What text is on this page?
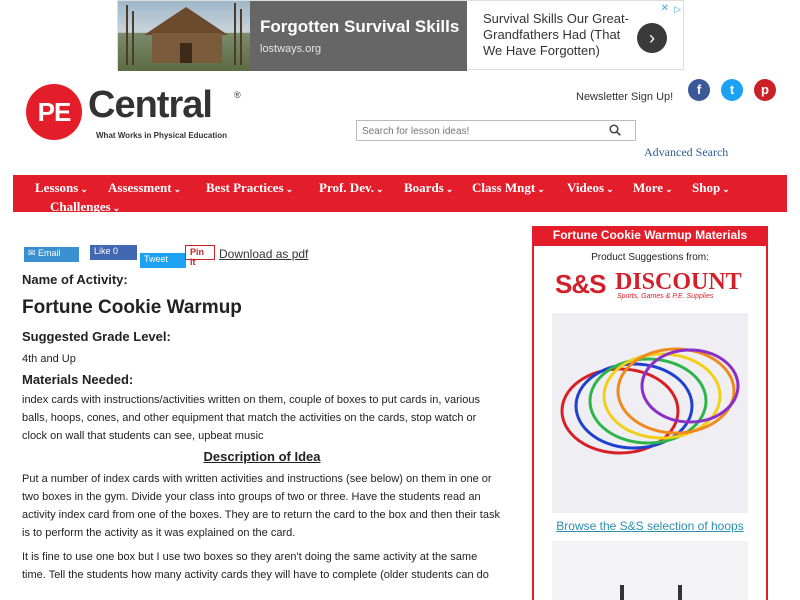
Forgotten Survival Skills
lostways.org
Survival Skills Our Great-Grandfathers Had (That We Have Forgotten)
›
✕ ▷
PE Central ®
What Works in Physical Education
Newsletter Sign Up!	f	t	p
Search for lesson ideas!
Advanced Search
Lessons ⌄ Assessment ⌄ Best Practices ⌄ Prof. Dev. ⌄ Boards ⌄ Class Mngt ⌄ Videos ⌄ More ⌄ Shop ⌄
Challenges ⌄
✉ Email	Like 0
Tweet
Pin it
Download as pdf
Name of Activity:
Fortune Cookie Warmup
Suggested Grade Level:
4th and Up
Materials Needed:
index cards with instructions/activities written on them, couple of boxes to put cards in, various balls, hoops, cones, and other equipment that match the activities on the cards, stop watch or clock on wall that students can see, upbeat music
Description of Idea
Put a number of index cards with written activities and instructions (see below) on them in one or two boxes in the gym. Divide your class into groups of two or three. Have the students read an activity index card from one of the boxes. They are to return the card to the box and then their task is to perform the activity as it was explained on the card.
It is fine to use one box but I use two boxes so they aren't doing the same activity at the same time. Tell the students how many activity cards they will have to complete (older students can do
Fortune Cookie Warmup Materials
Product Suggestions from:
S&S DISCOUNT
Sports, Games & P.E. Supplies
Browse the S&S selection of hoops
